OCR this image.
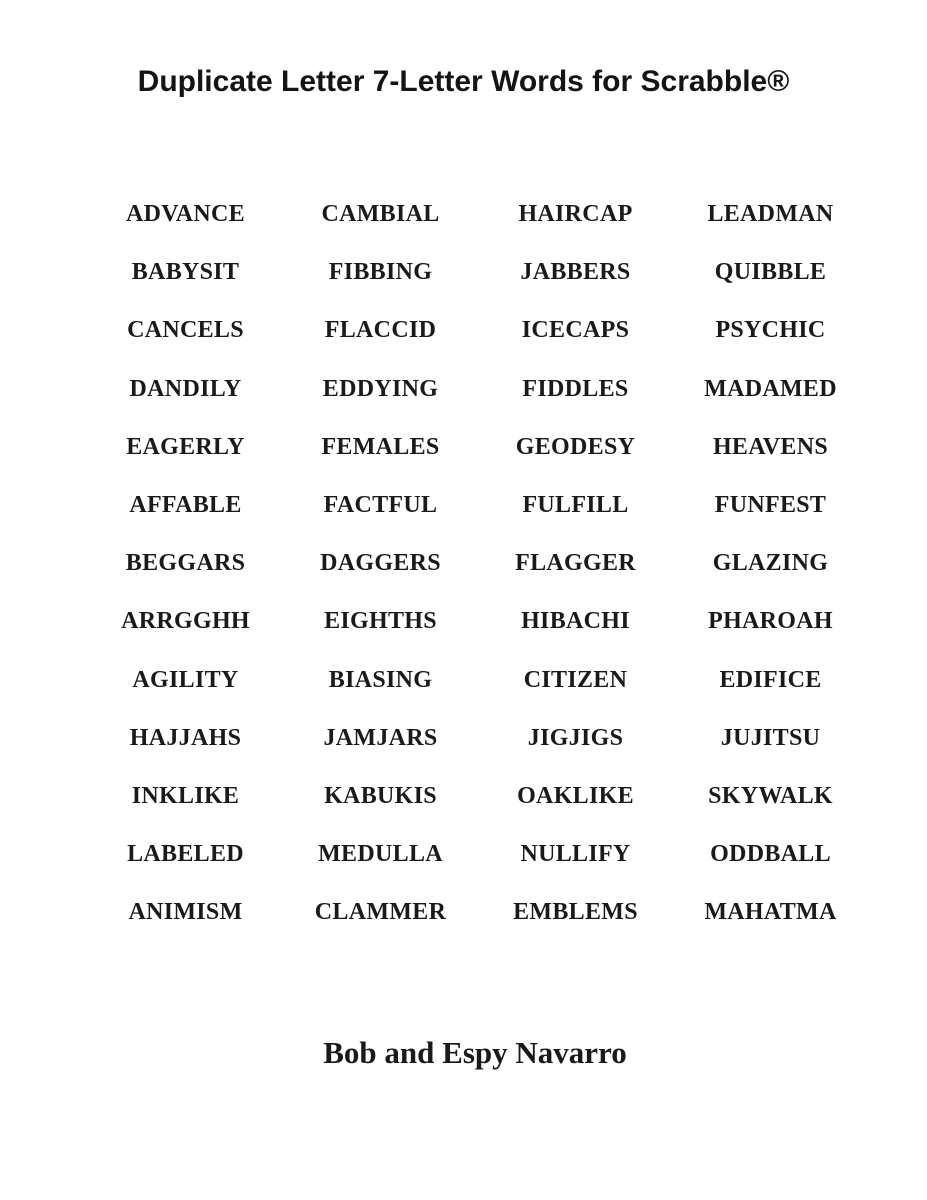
Duplicate Letter 7-Letter Words for Scrabble®
ADVANCE	CAMBIAL	HAIRCAP	LEADMAN
BABYSIT	FIBBING	JABBERS	QUIBBLE
CANCELS	FLACCID	ICECAPS	PSYCHIC
DANDILY	EDDYING	FIDDLES	MADAMED
EAGERLY	FEMALES	GEODESY	HEAVENS
AFFABLE	FACTFUL	FULFILL	FUNFEST
BEGGARS	DAGGERS	FLAGGER	GLAZING
ARRGGHH	EIGHTHS	HIBACHI	PHAROAH
AGILITY	BIASING	CITIZEN	EDIFICE
HAJJAHS	JAMJARS	JIGJIGS	JUJITSU
INKLIKE	KABUKIS	OAKLIKE	SKYWALK
LABELED	MEDULLA	NULLIFY	ODDBALL
ANIMISM	CLAMMER	EMBLEMS	MAHATMA
Bob and Espy Navarro
